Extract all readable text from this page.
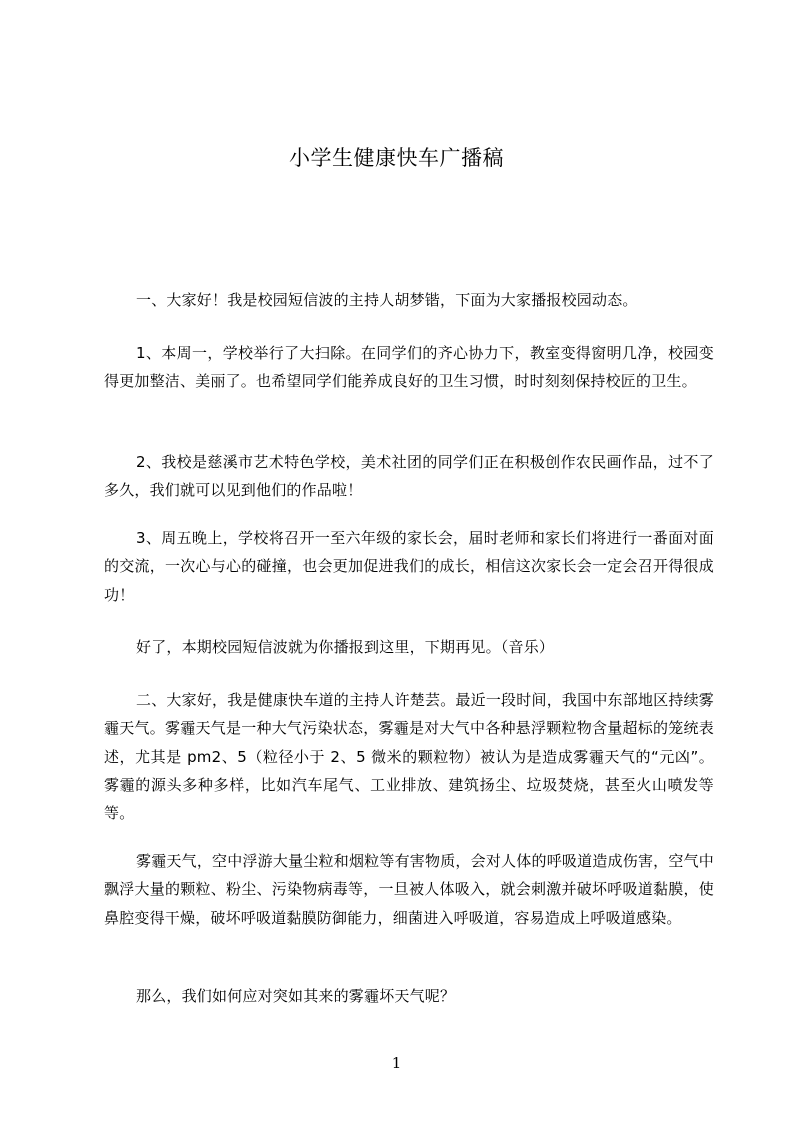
小学生健康快车广播稿

一、大家好！我是校园短信波的主持人胡梦锴，下面为大家播报校园动态。

1、本周一，学校举行了大扫除。在同学们的齐心协力下，教室变得窗明几净，校园变得更加整洁、美丽了。也希望同学们能养成良好的卫生习惯，时时刻刻保持校匠的卫生。

2、我校是慈溪市艺术特色学校，美术社团的同学们正在积极创作农民画作品，过不了多久，我们就可以见到他们的作品啦！

3、周五晚上，学校将召开一至六年级的家长会，届时老师和家长们将进行一番面对面的交流，一次心与心的碰撞，也会更加促进我们的成长，相信这次家长会一定会召开得很成功！

好了，本期校园短信波就为你播报到这里，下期再见。（音乐）

二、大家好，我是健康快车道的主持人许楚芸。最近一段时间，我国中东部地区持续雾霾天气。雾霾天气是一种大气污染状态，雾霾是对大气中各种悬浮颗粒物含量超标的笼统表述，尤其是 pm2、5（粒径小于 2、5 微米的颗粒物）被认为是造成雾霾天气的“元凶”。雾霾的源头多种多样，比如汽车尾气、工业排放、建筑扬尘、垃圾焚烧，甚至火山喷发等等。

雾霾天气，空中浮游大量尘粒和烟粒等有害物质，会对人体的呼吸道造成伤害，空气中飘浮大量的颗粒、粉尘、污染物病毒等，一旦被人体吸入，就会刺激并破坏呼吸道黏膜，使鼻腔变得干燥，破坏呼吸道黏膜防御能力，细菌进入呼吸道，容易造成上呼吸道感染。

那么，我们如何应对突如其来的雾霾坏天气呢？

1
